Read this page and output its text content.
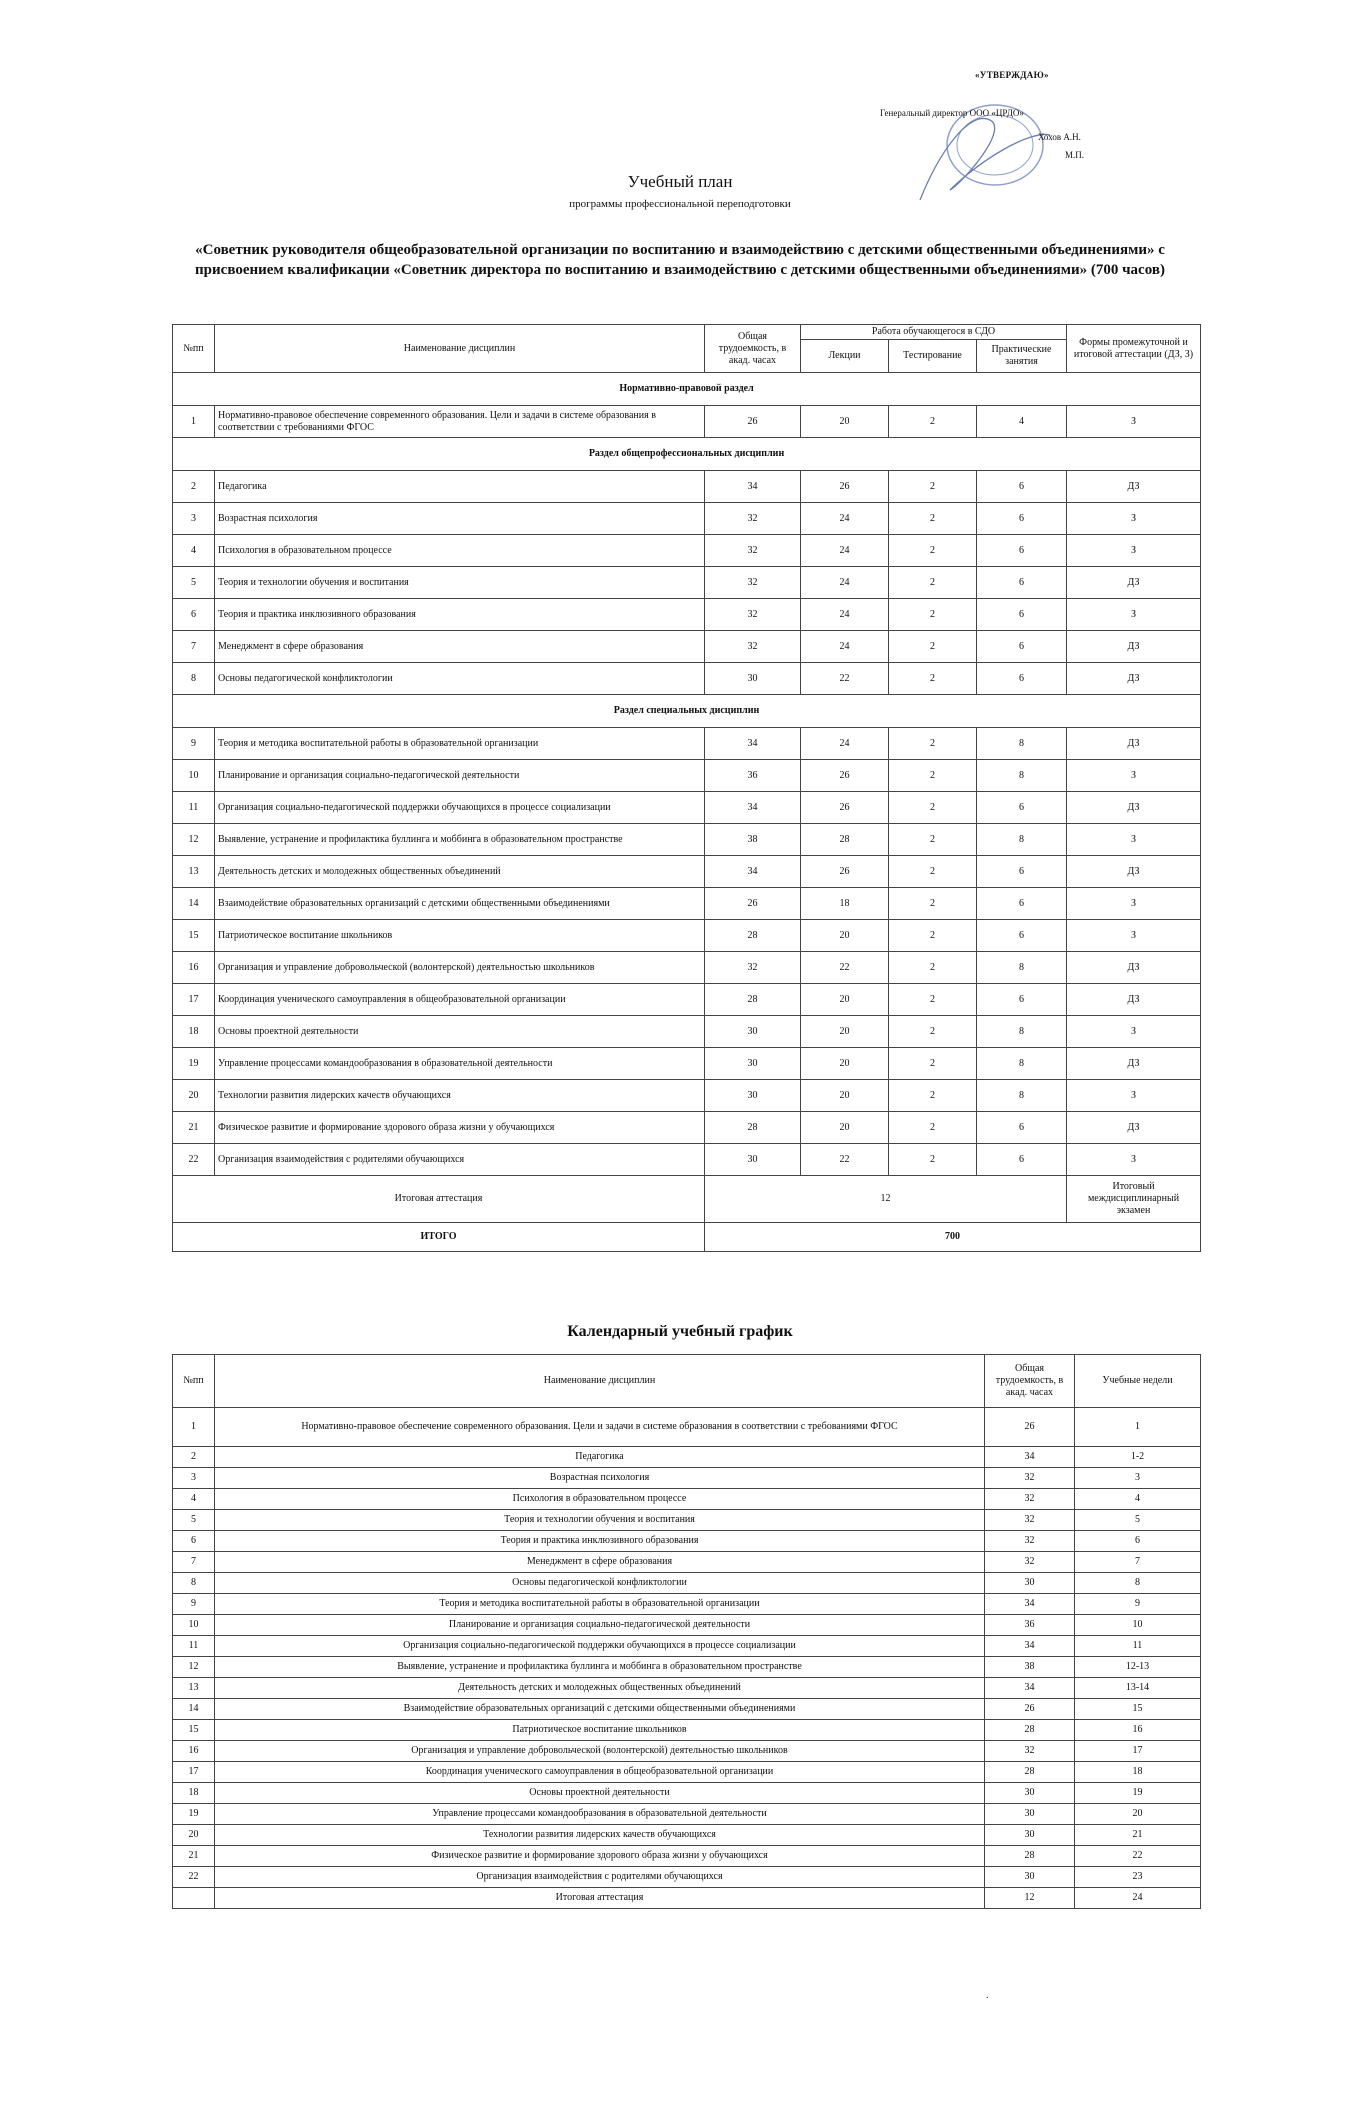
«УТВЕРЖДАЮ»
Генеральный директор ООО «ЦРДО»
Хохов А.Н.
М.П.
Учебный план
программы профессиональной переподготовки
«Советник руководителя общеобразовательной организации по воспитанию и взаимодействию с детскими общественными объединениями» с присвоением квалификации «Советник директора по воспитанию и взаимодействию с детскими общественными объединениями» (700 часов)
№пп	Наименование дисциплин	Общая трудоемкость, в акад. часах	Работа обучающегося в СДО			Формы промежуточной и итоговой аттестации (ДЗ, З)
			Лекции	Тестирование	Практические занятия	
Нормативно-правовой раздел						
1	Нормативно-правовое обеспечение современного образования. Цели и задачи в системе образования в соответствии с требованиями ФГОС	26	20	2	4	З
Раздел общепрофессиональных дисциплин						
2	Педагогика	34	26	2	6	ДЗ
3	Возрастная психология	32	24	2	6	З
4	Психология в образовательном процессе	32	24	2	6	З
5	Теория и технологии обучения и воспитания	32	24	2	6	ДЗ
6	Теория и практика инклюзивного образования	32	24	2	6	З
7	Менеджмент в сфере образования	32	24	2	6	ДЗ
8	Основы педагогической конфликтологии	30	22	2	6	ДЗ
Раздел специальных дисциплин						
9	Теория и методика воспитательной работы в образовательной организации	34	24	2	8	ДЗ
10	Планирование и организация социально-педагогической деятельности	36	26	2	8	З
11	Организация социально-педагогической поддержки обучающихся в процессе социализации	34	26	2	6	ДЗ
12	Выявление, устранение и профилактика буллинга и моббинга в образовательном пространстве	38	28	2	8	З
13	Деятельность детских и молодежных общественных объединений	34	26	2	6	ДЗ
14	Взаимодействие образовательных организаций с детскими общественными объединениями	26	18	2	6	З
15	Патриотическое воспитание школьников	28	20	2	6	З
16	Организация и управление добровольческой (волонтерской) деятельностью школьников	32	22	2	8	ДЗ
17	Координация ученического самоуправления в общеобразовательной организации	28	20	2	6	ДЗ
18	Основы проектной деятельности	30	20	2	8	З
19	Управление процессами командообразования в образовательной деятельности	30	20	2	8	ДЗ
20	Технологии развития лидерских качеств обучающихся	30	20	2	8	З
21	Физическое развитие и формирование здорового образа жизни у обучающихся	28	20	2	6	ДЗ
22	Организация взаимодействия с родителями обучающихся	30	22	2	6	З
Итоговая аттестация		12				Итоговый междисциплинарный экзамен
ИТОГО		700				
Календарный учебный график
№пп	Наименование дисциплин	Общая трудоемкость, в акад. часах	Учебные недели
1	Нормативно-правовое обеспечение современного образования. Цели и задачи в системе образования в соответствии с требованиями ФГОС	26	1
2	Педагогика	34	1-2
3	Возрастная психология	32	3
4	Психология в образовательном процессе	32	4
5	Теория и технологии обучения и воспитания	32	5
6	Теория и практика инклюзивного образования	32	6
7	Менеджмент в сфере образования	32	7
8	Основы педагогической конфликтологии	30	8
9	Теория и методика воспитательной работы в образовательной организации	34	9
10	Планирование и организация социально-педагогической деятельности	36	10
11	Организация социально-педагогической поддержки обучающихся в процессе социализации	34	11
12	Выявление, устранение и профилактика буллинга и моббинга в образовательном пространстве	38	12-13
13	Деятельность детских и молодежных общественных объединений	34	13-14
14	Взаимодействие образовательных организаций с детскими общественными объединениями	26	15
15	Патриотическое воспитание школьников	28	16
16	Организация и управление добровольческой (волонтерской) деятельностью школьников	32	17
17	Координация ученического самоуправления в общеобразовательной организации	28	18
18	Основы проектной деятельности	30	19
19	Управление процессами командообразования в образовательной деятельности	30	20
20	Технологии развития лидерских качеств обучающихся	30	21
21	Физическое развитие и формирование здорового образа жизни у обучающихся	28	22
22	Организация взаимодействия с родителями обучающихся	30	23
	Итоговая аттестация	12	24
.
